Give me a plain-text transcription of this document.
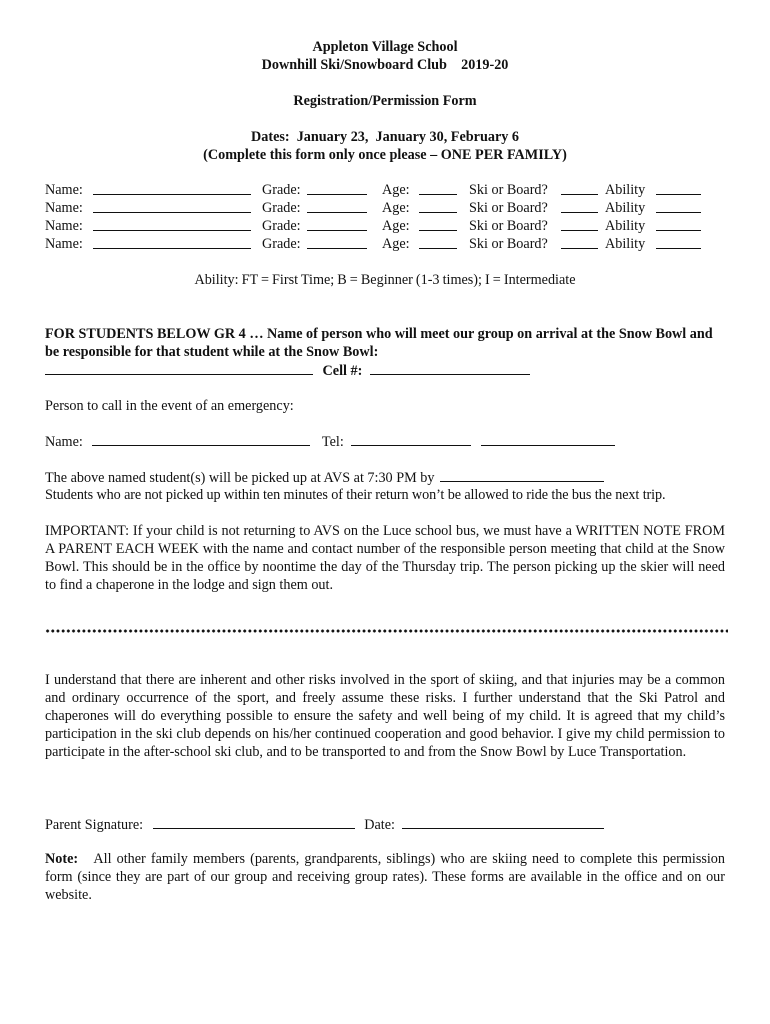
Appleton Village School
Downhill Ski/Snowboard Club    2019-20
Registration/Permission Form
Dates:  January 23,  January 30, February 6
(Complete this form only once please – ONE PER FAMILY)
Name:	Grade:	Age:	Ski or Board?	Ability
Name:	Grade:	Age:	Ski or Board?	Ability
Name:	Grade:	Age:	Ski or Board?	Ability
Name:	Grade:	Age:	Ski or Board?	Ability
Ability: FT = First Time; B = Beginner (1-3 times); I = Intermediate
FOR STUDENTS BELOW GR 4 … Name of person who will meet our group on arrival at the Snow Bowl and be responsible for that student while at the Snow Bowl:
Cell #:
Person to call in the event of an emergency:
Name:	Tel:
The above named student(s) will be picked up at AVS at 7:30 PM by
Students who are not picked up within ten minutes of their return won’t be allowed to ride the bus the next trip.
IMPORTANT: If your child is not returning to AVS on the Luce school bus, we must have a WRITTEN NOTE FROM A PARENT EACH WEEK with the name and contact number of the responsible person meeting that child at the Snow Bowl. This should be in the office by noontime the day of the Thursday trip. The person picking up the skier will need to find a chaperone in the lodge and sign them out.
I understand that there are inherent and other risks involved in the sport of skiing, and that injuries may be a common and ordinary occurrence of the sport, and freely assume these risks. I further understand that the Ski Patrol and chaperones will do everything possible to ensure the safety and well being of my child. It is agreed that my child’s participation in the ski club depends on his/her continued cooperation and good behavior. I give my child permission to participate in the after-school ski club, and to be transported to and from the Snow Bowl by Luce Transportation.
Parent Signature:	Date:
Note: All other family members (parents, grandparents, siblings) who are skiing need to complete this permission form (since they are part of our group and receiving group rates). These forms are available in the office and on our website.
